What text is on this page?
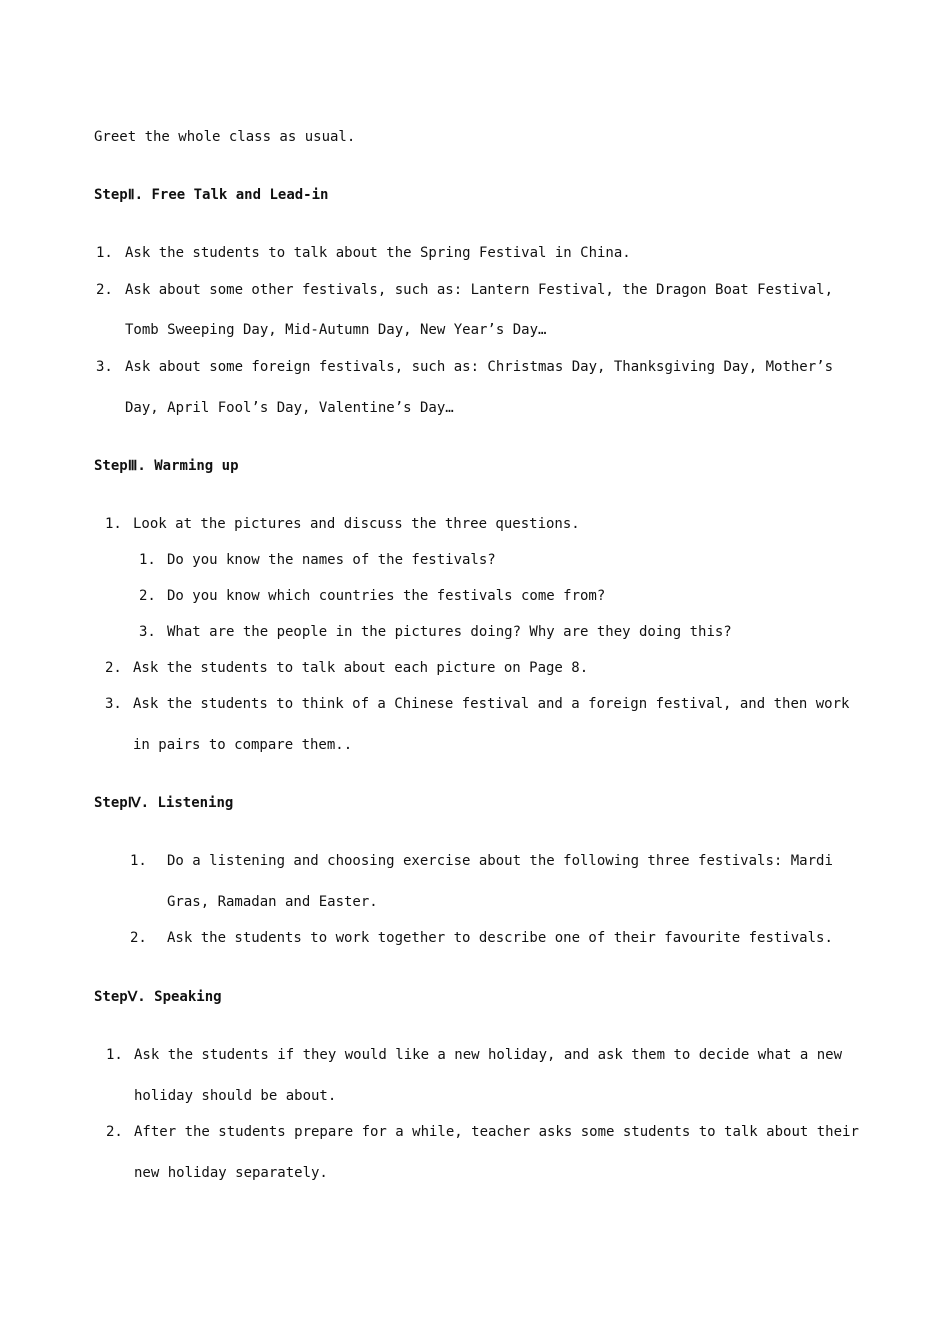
Greet the whole class as usual.
StepⅡ. Free Talk and Lead-in
1. Ask the students to talk about the Spring Festival in China.
2. Ask about some other festivals, such as: Lantern Festival, the Dragon Boat Festival,
Tomb Sweeping Day, Mid-Autumn Day, New Year’s Day…
3. Ask about some foreign festivals, such as: Christmas Day, Thanksgiving Day, Mother’s
Day, April Fool’s Day, Valentine’s Day…
StepⅢ. Warming up
1. Look at the pictures and discuss the three questions.
1. Do you know the names of the festivals?
2. Do you know which countries the festivals come from?
3. What are the people in the pictures doing? Why are they doing this?
2. Ask the students to talk about each picture on Page 8.
3. Ask the students to think of a Chinese festival and a foreign festival, and then work
in pairs to compare them..
StepⅣ. Listening
1. Do a listening and choosing exercise about the following three festivals: Mardi
Gras, Ramadan and Easter.
2. Ask the students to work together to describe one of their favourite festivals.
StepⅤ. Speaking
1. Ask the students if they would like a new holiday, and ask them to decide what a new
holiday should be about.
2. After the students prepare for a while, teacher asks some students to talk about their
new holiday separately.
